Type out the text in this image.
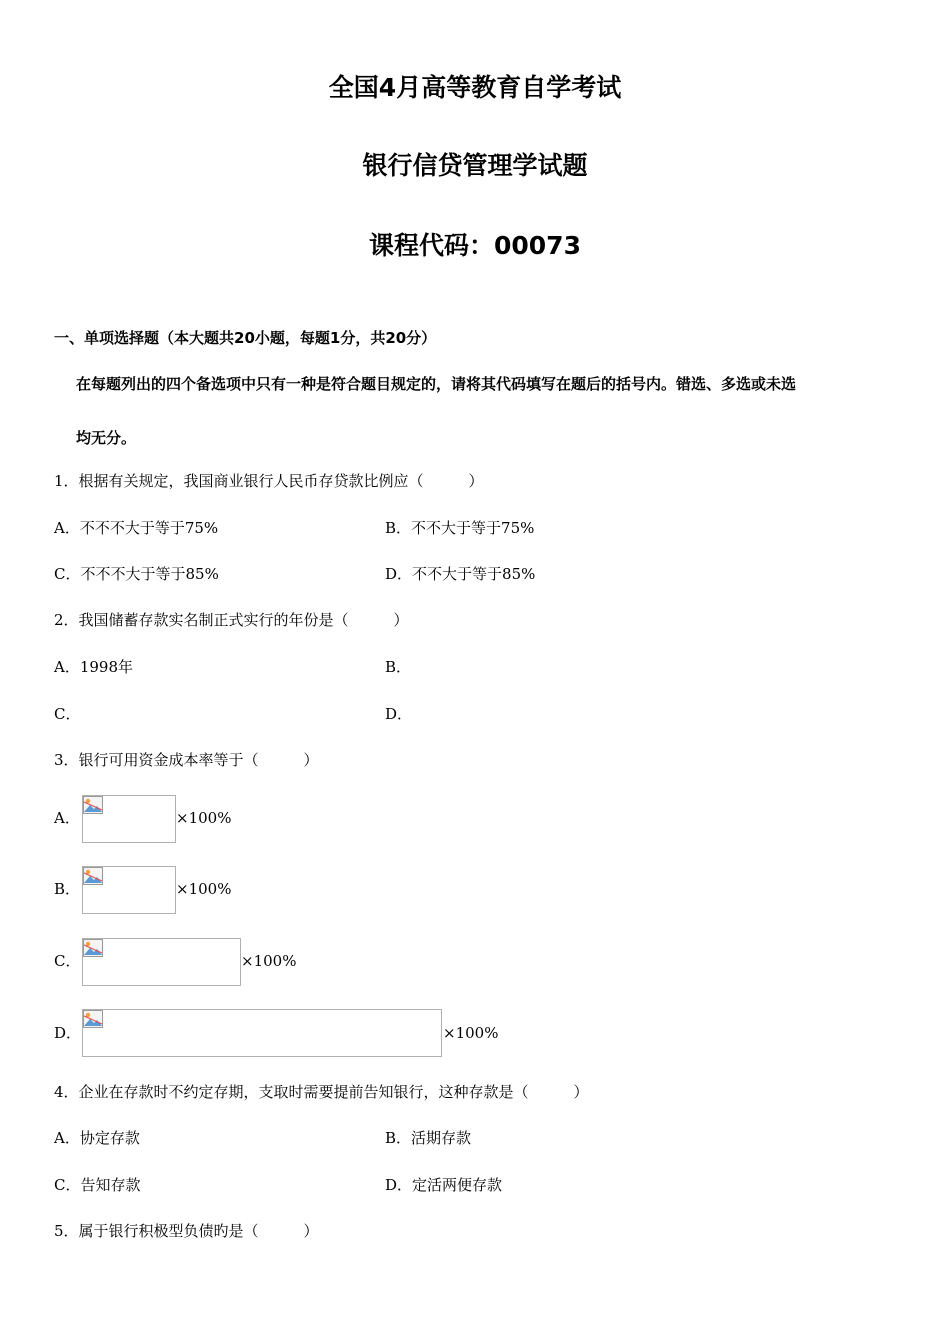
全国4月高等教育自学考试
银行信贷管理学试题
课程代码：00073
一、单项选择题（本大题共20小题，每题1分，共20分）
在每题列出的四个备选项中只有一种是符合题目规定的，请将其代码填写在题后的括号内。错选、多选或未选
均无分。
1．根据有关规定，我国商业银行人民币存贷款比例应（　　　）
A．不不不大于等于75%	B．不不大于等于75%
C．不不不大于等于85%	D．不不大于等于85%
2．我国储蓄存款实名制正式实行的年份是（　　　）
A．1998年	B．
C．	D．
3．银行可用资金成本率等于（　　　）
A．	×100%
B．	×100%
C．	×100%
D．	×100%
4．企业在存款时不约定存期，支取时需要提前告知银行，这种存款是（　　　）
A．协定存款	B．活期存款
C．告知存款	D．定活两便存款
5．属于银行积极型负债旳是（　　　）
